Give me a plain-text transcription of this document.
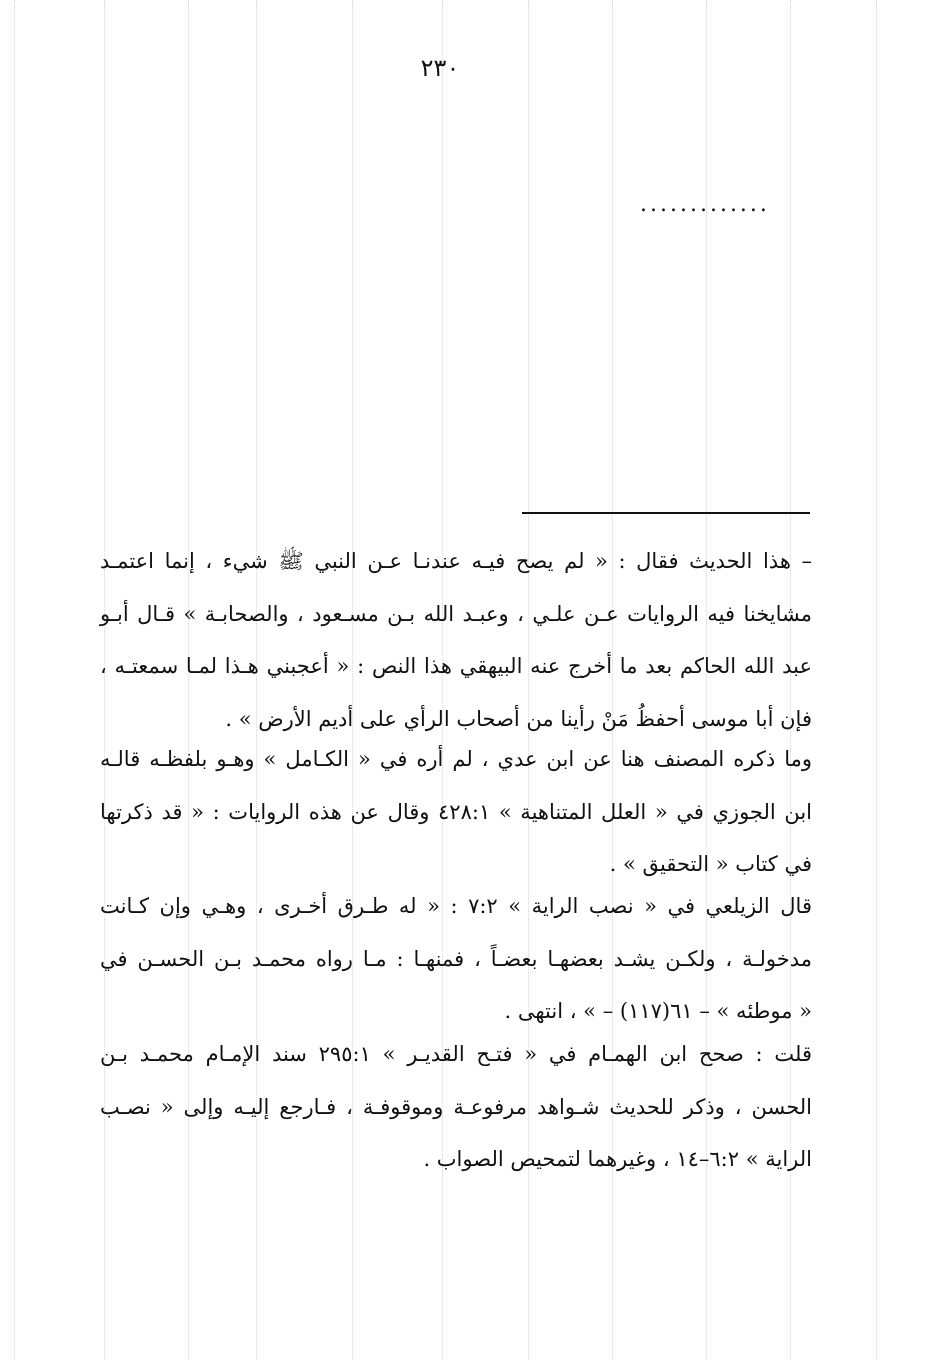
٢٣٠
.............
– هذا الحديث فقال : « لم يصح فيـه عندنـا عـن النبي ﷺ شيء ، إنما اعتمـد
مشايخنا فيه الروايات عـن علـي ، وعبـد الله بـن مسـعود ، والصحابـة » قـال أبـو
عبد الله الحاكم بعد ما أخرج عنه البيهقي هذا النص : « أعجبني هـذا لمـا سمعتـه ،
فإن أبا موسى أحفظُ مَنْ رأينا من أصحاب الرأي على أديم الأرض » .
وما ذكره المصنف هنا عن ابن عدي ، لم أره في « الكـامل » وهـو بلفظـه قالـه
ابن الجوزي في « العلل المتناهية » ٤٢٨:١ وقال عن هذه الروايات : « قد ذكرتها
في كتاب « التحقيق » .
قال الزيلعي في « نصب الراية » ٧:٢ : « له طـرق أخـرى ، وهـي وإن كـانت
مدخولـة ، ولكـن يشـد بعضهـا بعضـاً ، فمنهـا : مـا رواه محمـد بـن الحسـن في
« موطئه » – ٦١(١١٧) – » ، انتهى .
قلت : صحح ابن الهمـام في « فتـح القديـر » ٢٩٥:١ سند الإمـام محمـد بـن
الحسن ، وذكر للحديث شـواهد مرفوعـة وموقوفـة ، فـارجع إليـه وإلى « نصـب
الراية » ٦:٢–١٤ ، وغيرهما لتمحيص الصواب .
